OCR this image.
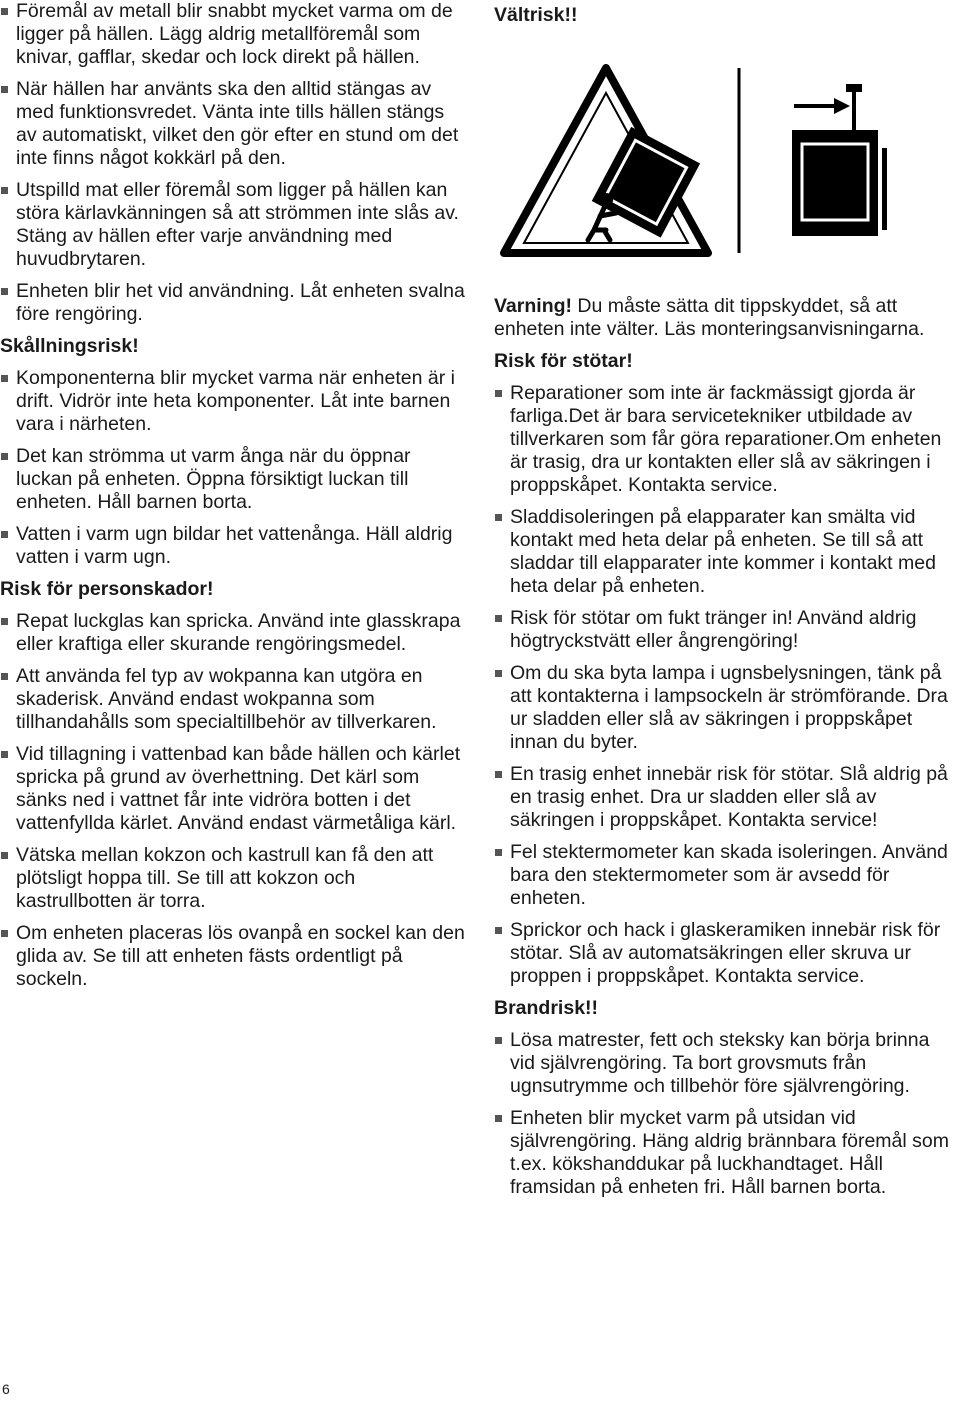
Föremål av metall blir snabbt mycket varma om de ligger på hällen. Lägg aldrig metallföremål som knivar, gafflar, skedar och lock direkt på hällen.
När hällen har använts ska den alltid stängas av med funktionsvredet. Vänta inte tills hällen stängs av automatiskt, vilket den gör efter en stund om det inte finns något kokkärl på den.
Utspilld mat eller föremål som ligger på hällen kan störa kärlavkänningen så att strömmen inte slås av. Stäng av hällen efter varje användning med huvudbrytaren.
Enheten blir het vid användning. Låt enheten svalna före rengöring.
Skållningsrisk!
Komponenterna blir mycket varma när enheten är i drift. Vidrör inte heta komponenter. Låt inte barnen vara i närheten.
Det kan strömma ut varm ånga när du öppnar luckan på enheten. Öppna försiktigt luckan till enheten. Håll barnen borta.
Vatten i varm ugn bildar het vattenånga. Häll aldrig vatten i varm ugn.
Risk för personskador!
Repat luckglas kan spricka. Använd inte glasskrapa eller kraftiga eller skurande rengöringsmedel.
Att använda fel typ av wokpanna kan utgöra en skaderisk. Använd endast wokpanna som tillhandahålls som specialtillbehör av tillverkaren.
Vid tillagning i vattenbad kan både hällen och kärlet spricka på grund av överhettning. Det kärl som sänks ned i vattnet får inte vidröra botten i det vattenfyllda kärlet. Använd endast värmetåliga kärl.
Vätska mellan kokzon och kastrull kan få den att plötsligt hoppa till. Se till att kokzon och kastrullbotten är torra.
Om enheten placeras lös ovanpå en sockel kan den glida av. Se till att enheten fästs ordentligt på sockeln.
Vältrisk!!
Varning! Du måste sätta dit tippskyddet, så att enheten inte välter. Läs monteringsanvisningarna.
Risk för stötar!
Reparationer som inte är fackmässigt gjorda är farliga.Det är bara servicetekniker utbildade av tillverkaren som får göra reparationer.Om enheten är trasig, dra ur kontakten eller slå av säkringen i proppskåpet. Kontakta service.
Sladdisoleringen på elapparater kan smälta vid kontakt med heta delar på enheten. Se till så att sladdar till elapparater inte kommer i kontakt med heta delar på enheten.
Risk för stötar om fukt tränger in! Använd aldrig högtryckstvätt eller ångrengöring!
Om du ska byta lampa i ugnsbelysningen, tänk på att kontakterna i lampsockeln är strömförande. Dra ur sladden eller slå av säkringen i proppskåpet innan du byter.
En trasig enhet innebär risk för stötar. Slå aldrig på en trasig enhet. Dra ur sladden eller slå av säkringen i proppskåpet. Kontakta service!
Fel stektermometer kan skada isoleringen. Använd bara den stektermometer som är avsedd för enheten.
Sprickor och hack i glaskeramiken innebär risk för stötar. Slå av automatsäkringen eller skruva ur proppen i proppskåpet. Kontakta service.
Brandrisk!!
Lösa matrester, fett och steksky kan börja brinna vid självrengöring. Ta bort grovsmuts från ugnsutrymme och tillbehör före självrengöring.
Enheten blir mycket varm på utsidan vid självrengöring. Häng aldrig brännbara föremål som t.ex. kökshanddukar på luckhandtaget. Håll framsidan på enheten fri. Håll barnen borta.
6
